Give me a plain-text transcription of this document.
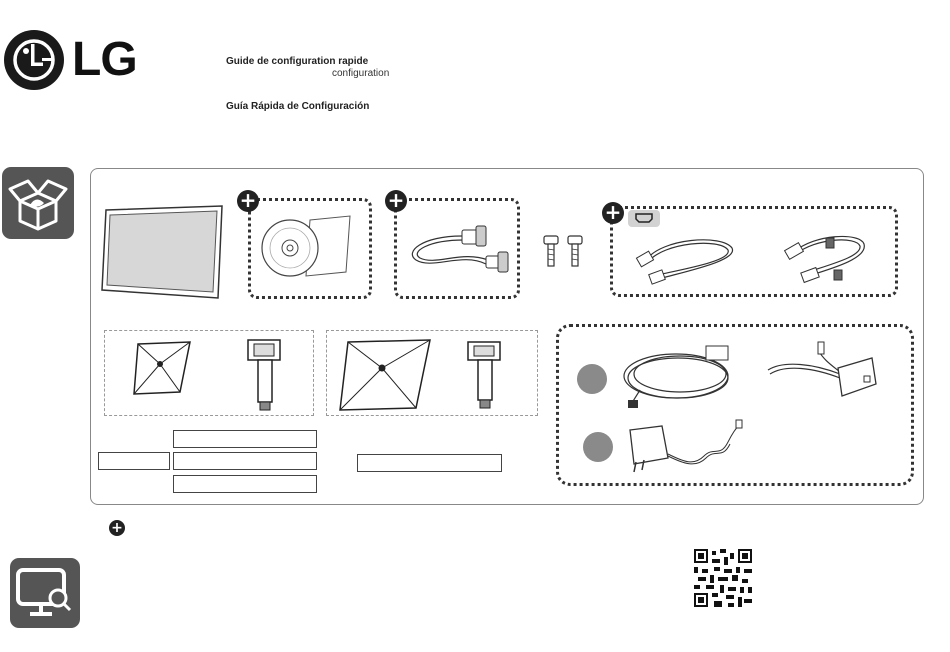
LG	Guide de configuration rapide
configuration
Guía Rápida de Configuración
+	+	+
+
